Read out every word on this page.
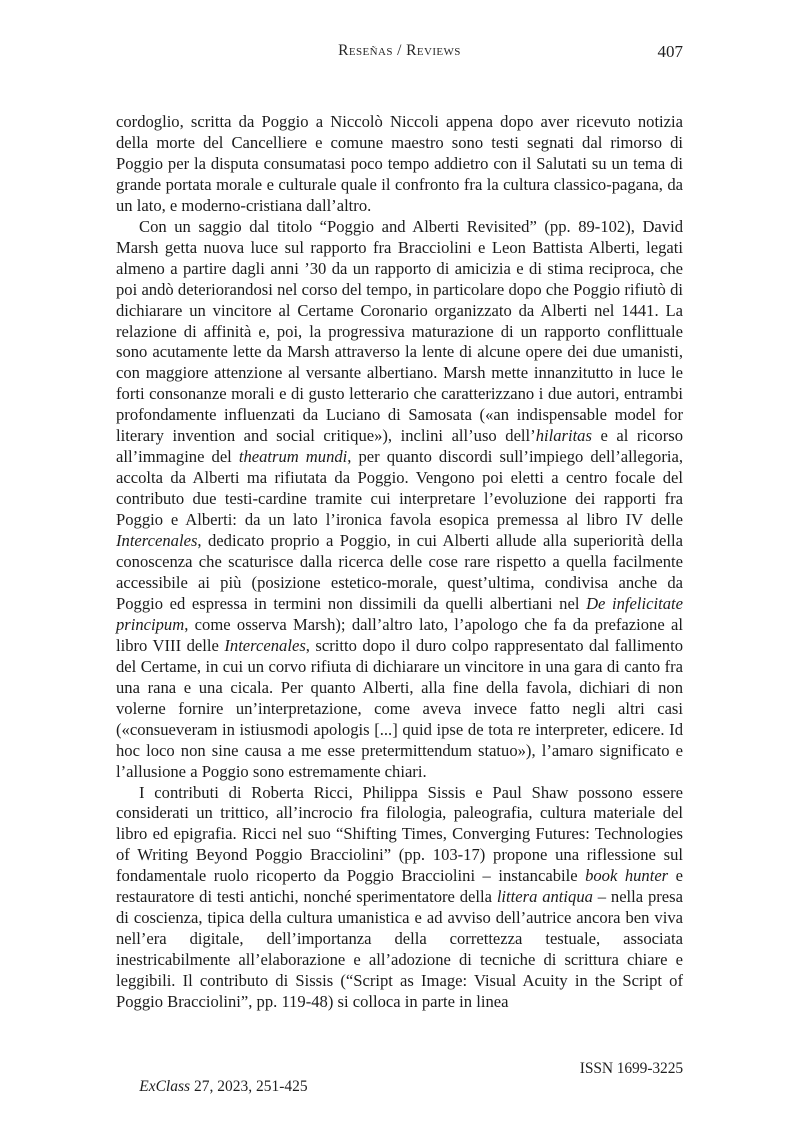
Reseñas / Reviews	407

cordoglio, scritta da Poggio a Niccolò Niccoli appena dopo aver ricevuto notizia della morte del Cancelliere e comune maestro sono testi segnati dal rimorso di Poggio per la disputa consumatasi poco tempo addietro con il Salutati su un tema di grande portata morale e culturale quale il confronto fra la cultura classico-pagana, da un lato, e moderno-cristiana dall’altro.

Con un saggio dal titolo “Poggio and Alberti Revisited” (pp. 89-102), David Marsh getta nuova luce sul rapporto fra Bracciolini e Leon Battista Alberti, legati almeno a partire dagli anni ’30 da un rapporto di amicizia e di stima reciproca, che poi andò deteriorandosi nel corso del tempo, in particolare dopo che Poggio rifiutò di dichiarare un vincitore al Certame Coronario organizzato da Alberti nel 1441. La relazione di affinità e, poi, la progressiva maturazione di un rapporto conflittuale sono acutamente lette da Marsh attraverso la lente di alcune opere dei due umanisti, con maggiore attenzione al versante albertiano. Marsh mette innanzitutto in luce le forti consonanze morali e di gusto letterario che caratterizzano i due autori, entrambi profondamente influenzati da Luciano di Samosata («an indispensable model for literary invention and social critique»), inclini all’uso dell’hilaritas e al ricorso all’immagine del theatrum mundi, per quanto discordi sull’impiego dell’allegoria, accolta da Alberti ma rifiutata da Poggio. Vengono poi eletti a centro focale del contributo due testi-cardine tramite cui interpretare l’evoluzione dei rapporti fra Poggio e Alberti: da un lato l’ironica favola esopica premessa al libro IV delle Intercenales, dedicato proprio a Poggio, in cui Alberti allude alla superiorità della conoscenza che scaturisce dalla ricerca delle cose rare rispetto a quella facilmente accessibile ai più (posizione estetico-morale, quest’ultima, condivisa anche da Poggio ed espressa in termini non dissimili da quelli albertiani nel De infelicitate principum, come osserva Marsh); dall’altro lato, l’apologo che fa da prefazione al libro VIII delle Intercenales, scritto dopo il duro colpo rappresentato dal fallimento del Certame, in cui un corvo rifiuta di dichiarare un vincitore in una gara di canto fra una rana e una cicala. Per quanto Alberti, alla fine della favola, dichiari di non volerne fornire un’interpretazione, come aveva invece fatto negli altri casi («consueveram in istiusmodi apologis [...] quid ipse de tota re interpreter, edicere. Id hoc loco non sine causa a me esse pretermittendum statuo»), l’amaro significato e l’allusione a Poggio sono estremamente chiari.

I contributi di Roberta Ricci, Philippa Sissis e Paul Shaw possono essere considerati un trittico, all’incrocio fra filologia, paleografia, cultura materiale del libro ed epigrafia. Ricci nel suo “Shifting Times, Converging Futures: Technologies of Writing Beyond Poggio Bracciolini” (pp. 103-17) propone una riflessione sul fondamentale ruolo ricoperto da Poggio Bracciolini – instancabile book hunter e restauratore di testi antichi, nonché sperimentatore della littera antiqua – nella presa di coscienza, tipica della cultura umanistica e ad avviso dell’autrice ancora ben viva nell’era digitale, dell’importanza della correttezza testuale, associata inestricabilmente all’elaborazione e all’adozione di tecniche di scrittura chiare e leggibili. Il contributo di Sissis (“Script as Image: Visual Acuity in the Script of Poggio Bracciolini”, pp. 119-48) si colloca in parte in linea

ExClass 27, 2023, 251-425

ISSN 1699-3225
